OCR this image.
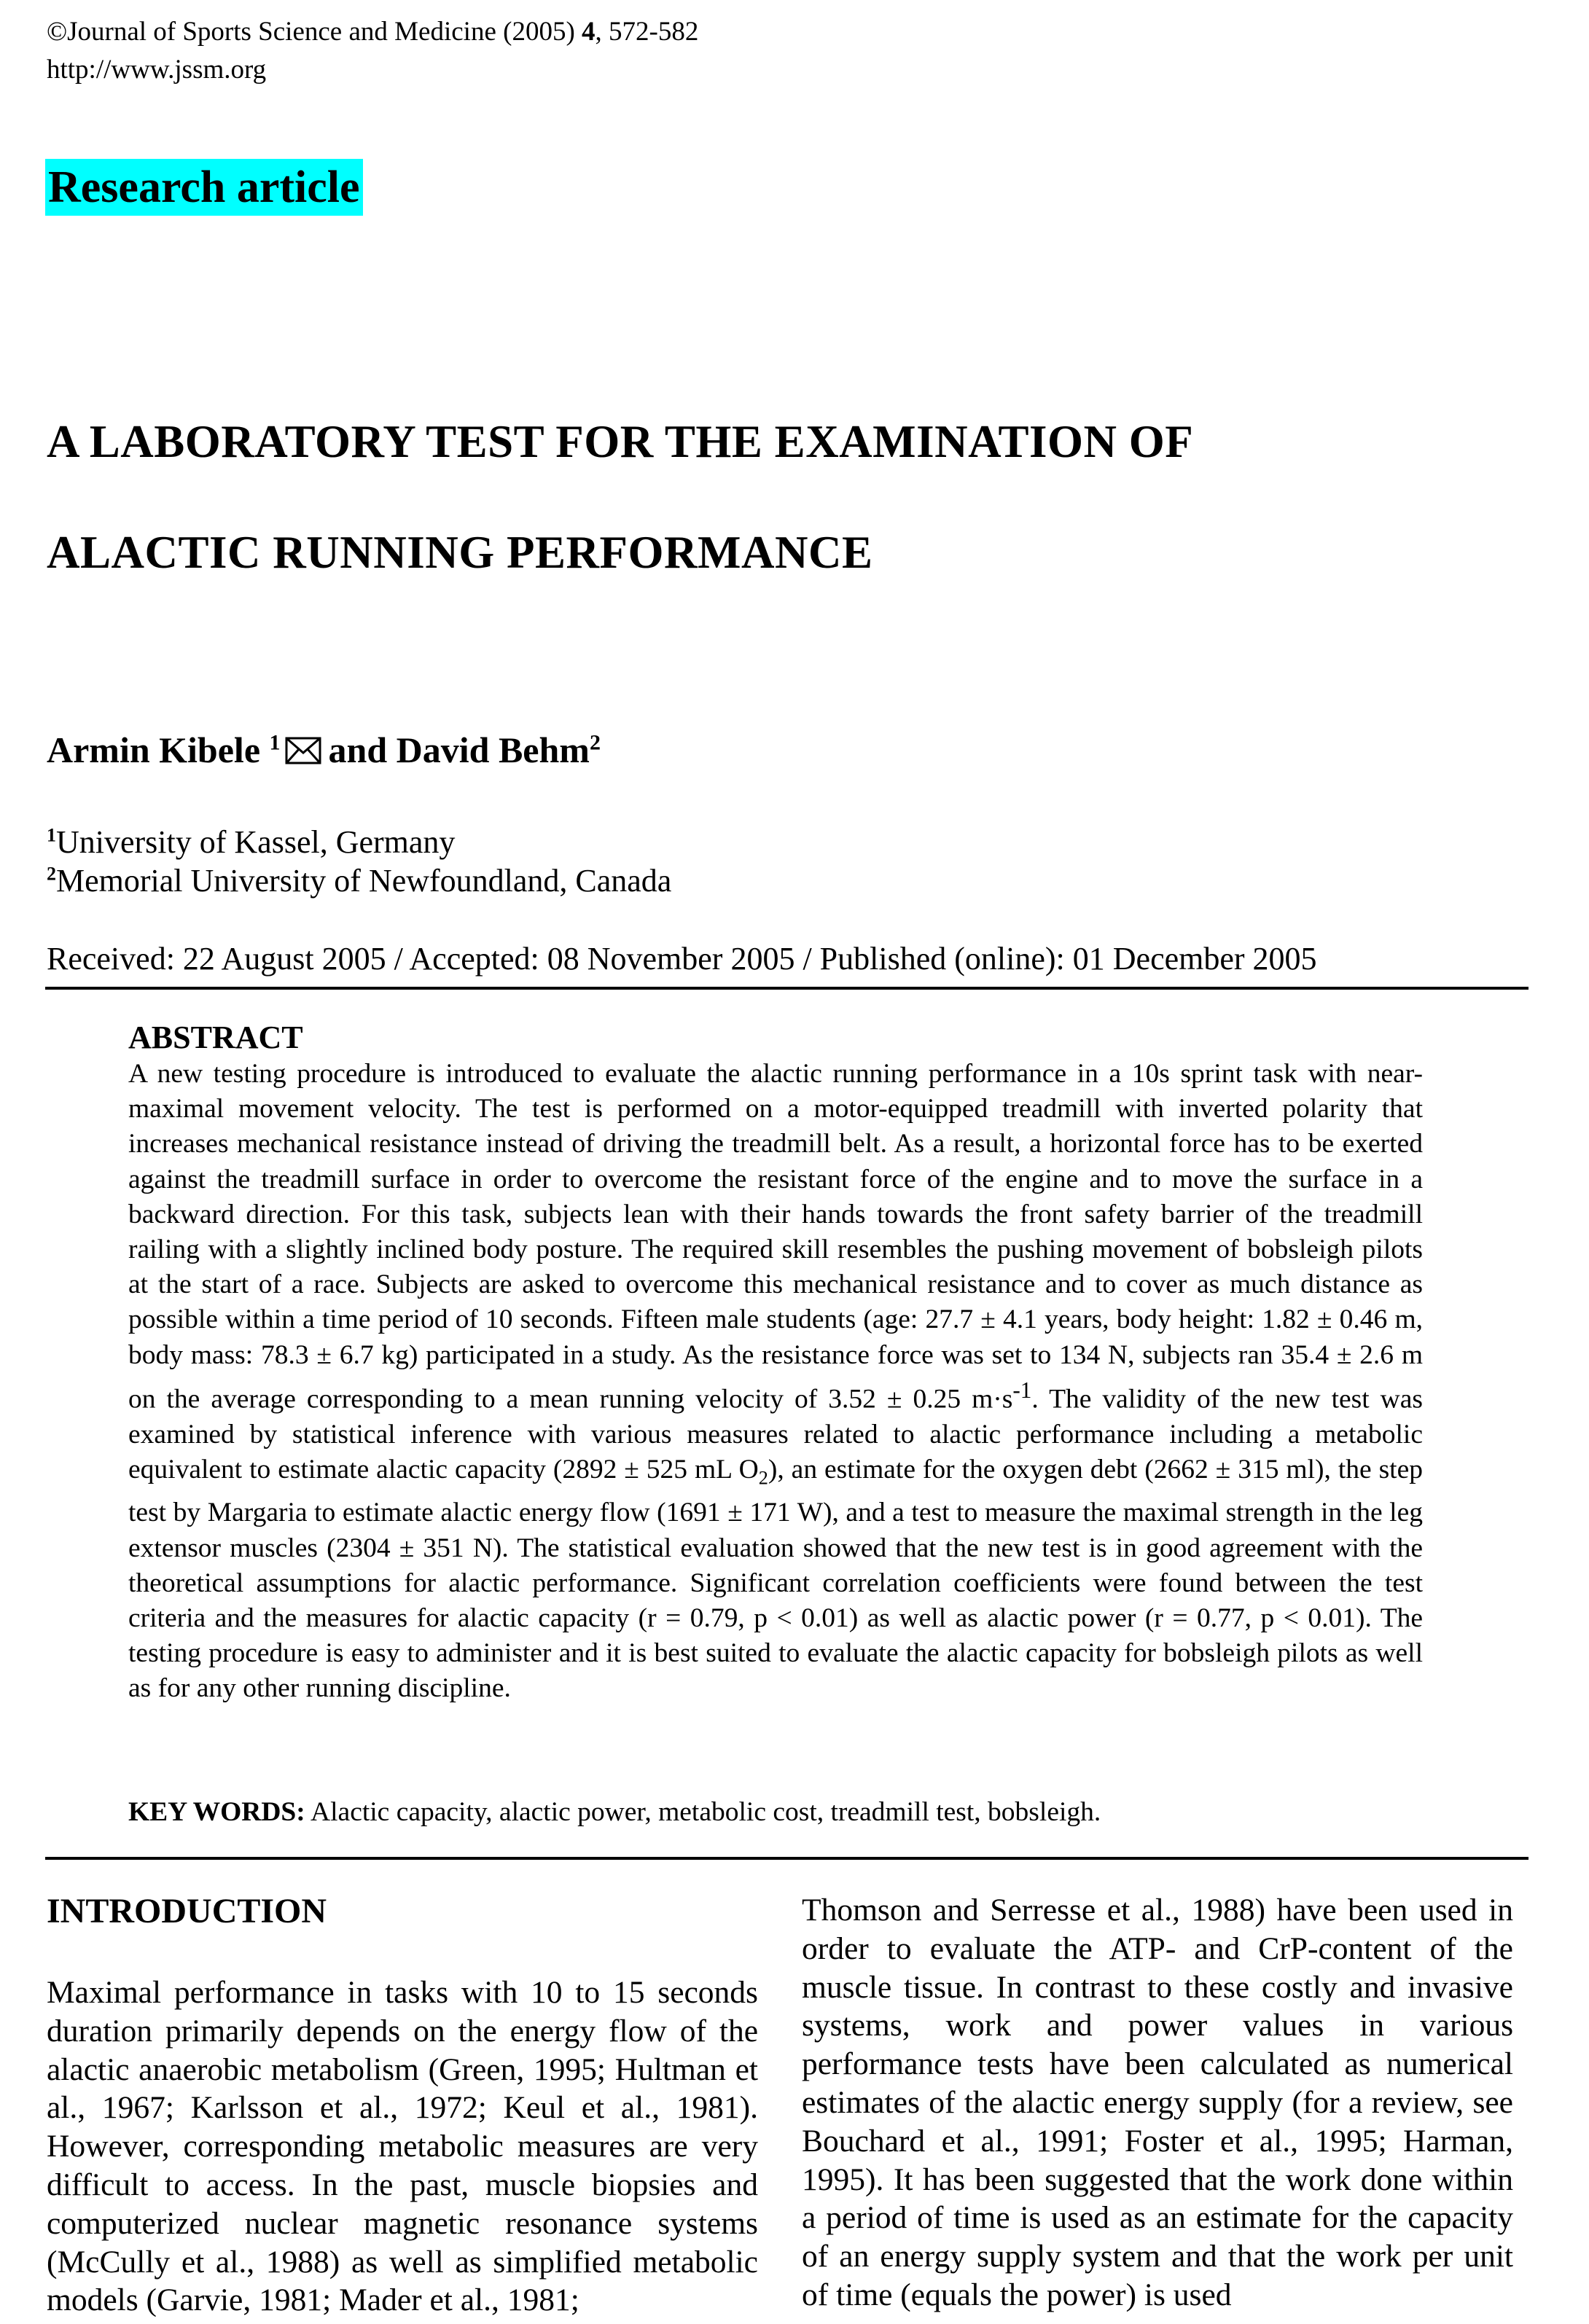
©Journal of Sports Science and Medicine (2005) 4, 572-582
http://www.jssm.org
Research article
A LABORATORY TEST FOR THE EXAMINATION OF
ALACTIC RUNNING PERFORMANCE
Armin Kibele $^1$ and David Behm$^2$
$^1$University of Kassel, Germany
$^2$Memorial University of Newfoundland, Canada
Received: 22 August 2005 / Accepted: 08 November 2005 / Published (online): 01 December 2005
ABSTRACT
A new testing procedure is introduced to evaluate the alactic running performance in a 10s sprint task with near-maximal movement velocity. The test is performed on a motor-equipped treadmill with inverted polarity that increases mechanical resistance instead of driving the treadmill belt. As a result, a horizontal force has to be exerted against the treadmill surface in order to overcome the resistant force of the engine and to move the surface in a backward direction. For this task, subjects lean with their hands towards the front safety barrier of the treadmill railing with a slightly inclined body posture. The required skill resembles the pushing movement of bobsleigh pilots at the start of a race. Subjects are asked to overcome this mechanical resistance and to cover as much distance as possible within a time period of 10 seconds. Fifteen male students (age: 27.7 ± 4.1 years, body height: 1.82 ± 0.46 m, body mass: 78.3 ± 6.7 kg) participated in a study. As the resistance force was set to 134 N, subjects ran 35.4 ± 2.6 m on the average corresponding to a mean running velocity of 3.52 ± 0.25 $m\cdot s^{-1}$. The validity of the new test was examined by statistical inference with various measures related to alactic performance including a metabolic equivalent to estimate alactic capacity (2892 ± 525 mL $O_2$), an estimate for the oxygen debt (2662 ± 315 ml), the step test by Margaria to estimate alactic energy flow (1691 ± 171 W), and a test to measure the maximal strength in the leg extensor muscles (2304 ± 351 N). The statistical evaluation showed that the new test is in good agreement with the theoretical assumptions for alactic performance. Significant correlation coefficients were found between the test criteria and the measures for alactic capacity (r = 0.79, p < 0.01) as well as alactic power (r = 0.77, p < 0.01). The testing procedure is easy to administer and it is best suited to evaluate the alactic capacity for bobsleigh pilots as well as for any other running discipline.
KEY WORDS: Alactic capacity, alactic power, metabolic cost, treadmill test, bobsleigh.
INTRODUCTION
Maximal performance in tasks with 10 to 15 seconds duration primarily depends on the energy flow of the alactic anaerobic metabolism (Green, 1995; Hultman et al., 1967; Karlsson et al., 1972; Keul et al., 1981). However, corresponding metabolic measures are very difficult to access. In the past, muscle biopsies and computerized nuclear magnetic resonance systems (McCully et al., 1988) as well as simplified metabolic models (Garvie, 1981; Mader et al., 1981;
Thomson and Serresse et al., 1988) have been used in order to evaluate the ATP- and CrP-content of the muscle tissue. In contrast to these costly and invasive systems, work and power values in various performance tests have been calculated as numerical estimates of the alactic energy supply (for a review, see Bouchard et al., 1991; Foster et al., 1995; Harman, 1995). It has been suggested that the work done within a period of time is used as an estimate for the capacity of an energy supply system and that the work per unit of time (equals the power) is used
